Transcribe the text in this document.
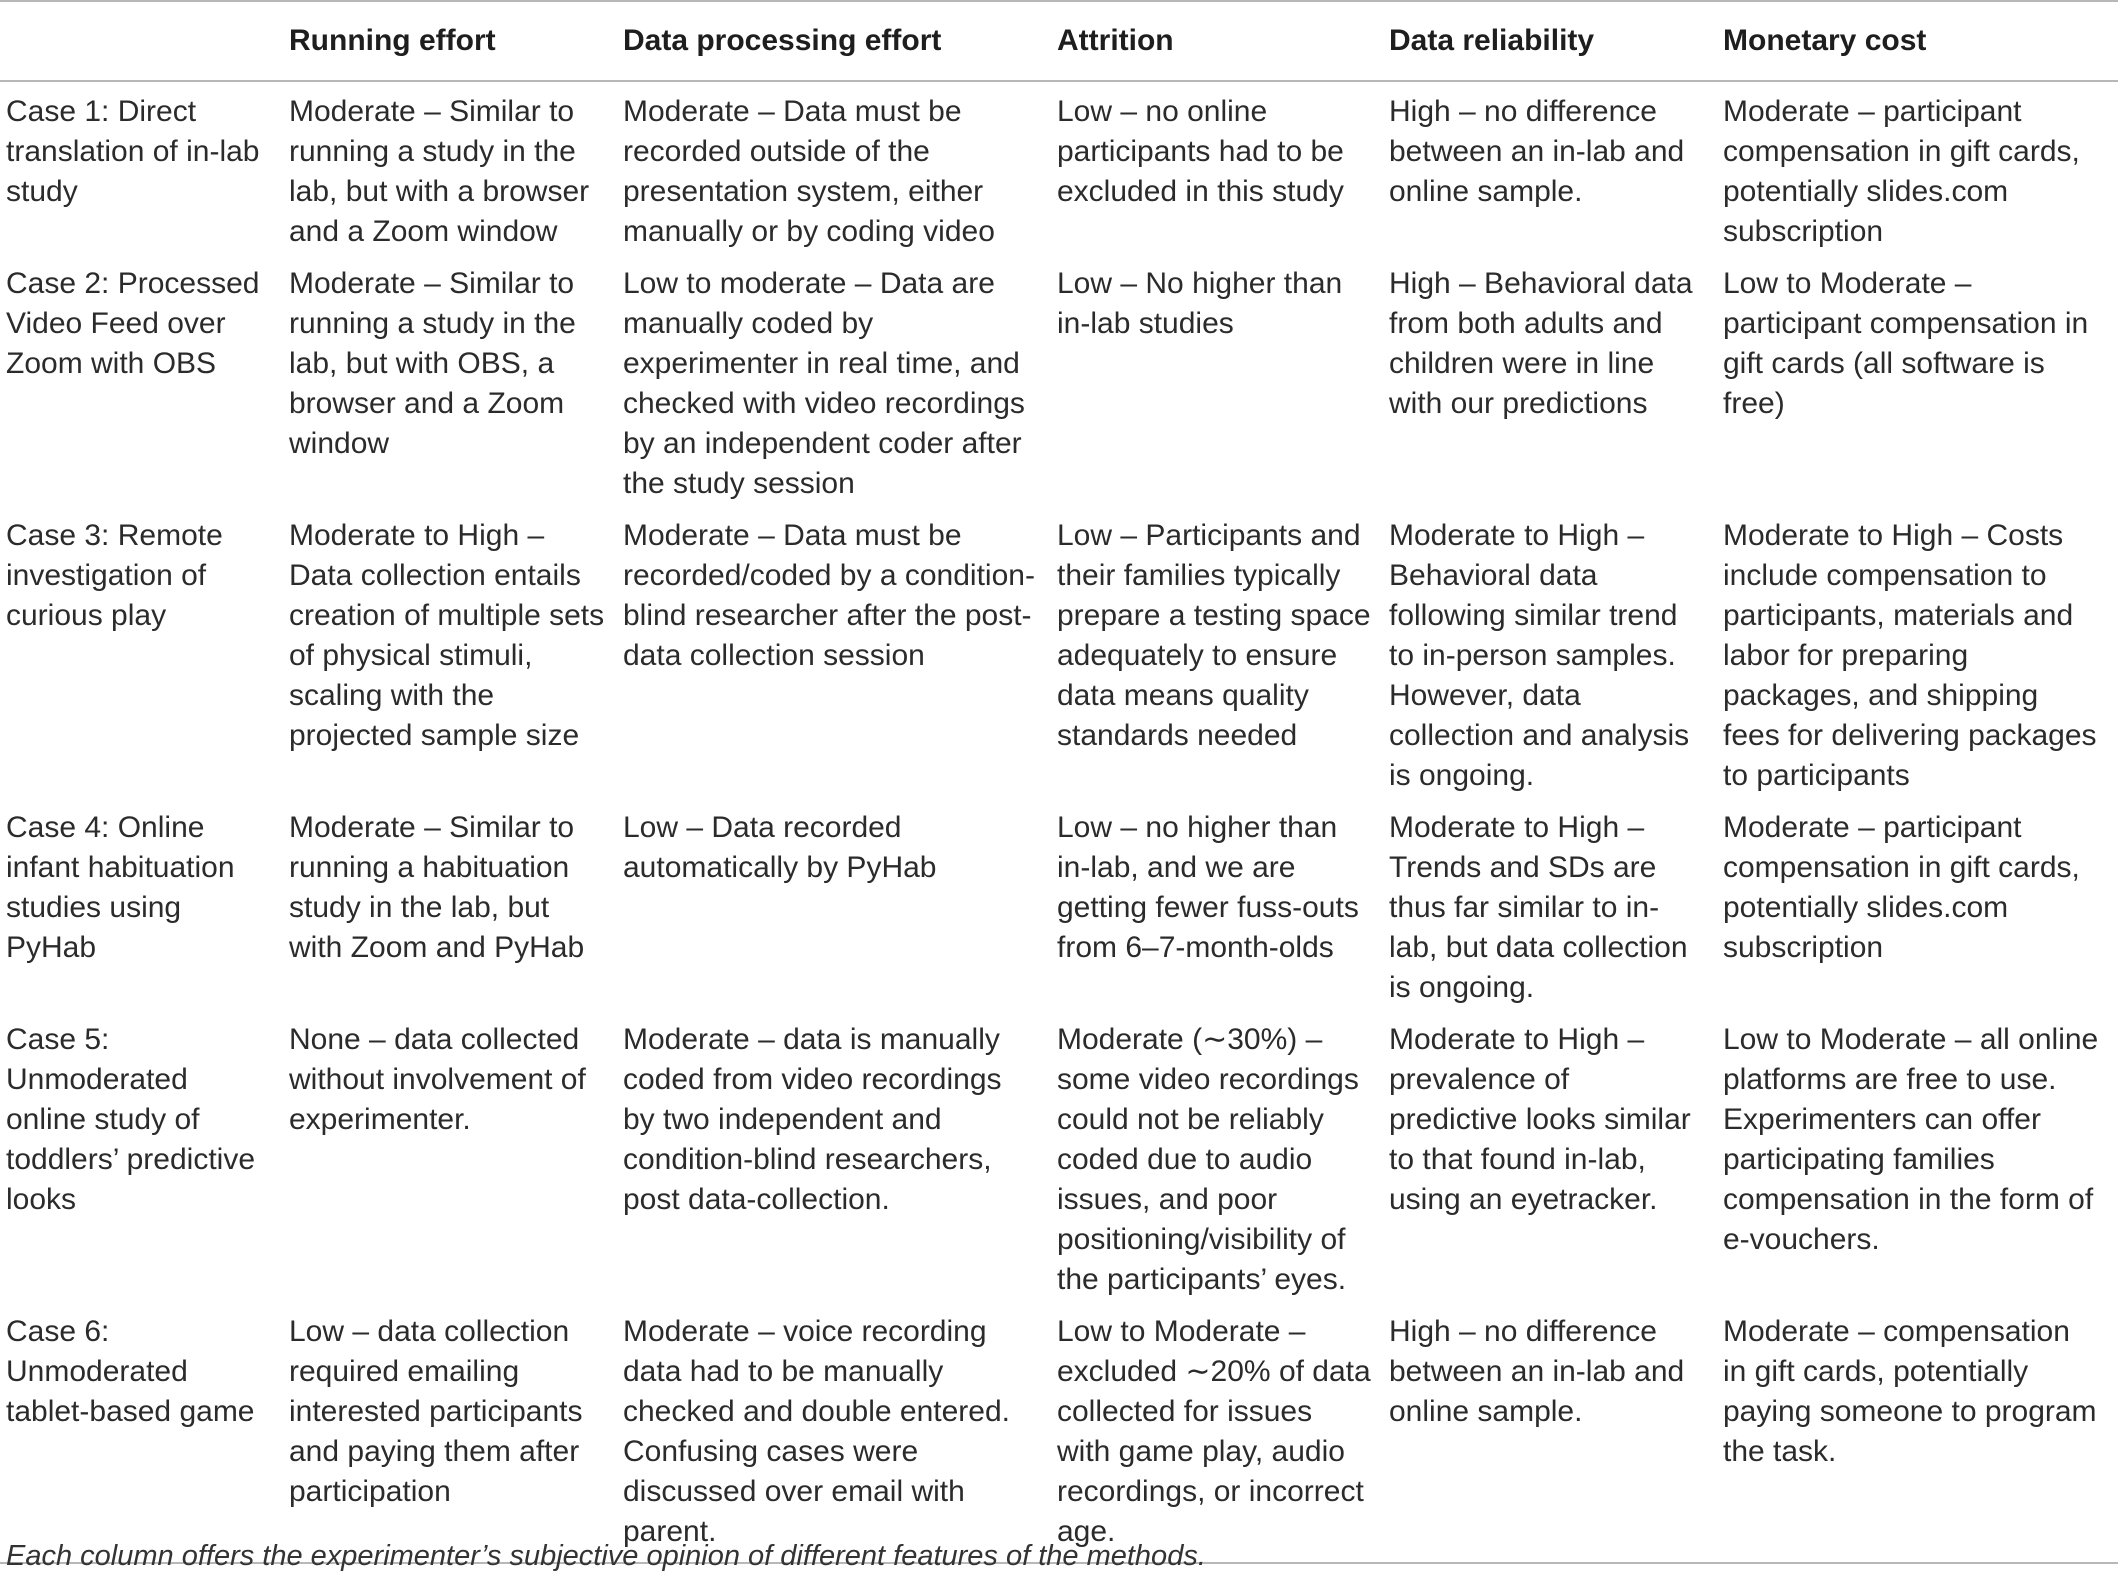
	Running effort	Data processing effort	Attrition	Data reliability	Monetary cost
Case 1: Direct translation of in-lab study	Moderate – Similar to running a study in the lab, but with a browser and a Zoom window	Moderate – Data must be recorded outside of the presentation system, either manually or by coding video	Low – no online participants had to be excluded in this study	High – no difference between an in-lab and online sample.	Moderate – participant compensation in gift cards, potentially slides.com subscription
Case 2: Processed Video Feed over Zoom with OBS	Moderate – Similar to running a study in the lab, but with OBS, a browser and a Zoom window	Low to moderate – Data are manually coded by experimenter in real time, and checked with video recordings by an independent coder after the study session	Low – No higher than in-lab studies	High – Behavioral data from both adults and children were in line with our predictions	Low to Moderate – participant compensation in gift cards (all software is free)
Case 3: Remote investigation of curious play	Moderate to High – Data collection entails creation of multiple sets of physical stimuli, scaling with the projected sample size	Moderate – Data must be recorded/coded by a condition-blind researcher after the post-data collection session	Low – Participants and their families typically prepare a testing space adequately to ensure data means quality standards needed	Moderate to High – Behavioral data following similar trend to in-person samples. However, data collection and analysis is ongoing.	Moderate to High – Costs include compensation to participants, materials and labor for preparing packages, and shipping fees for delivering packages to participants
Case 4: Online infant habituation studies using PyHab	Moderate – Similar to running a habituation study in the lab, but with Zoom and PyHab	Low – Data recorded automatically by PyHab	Low – no higher than in-lab, and we are getting fewer fuss-outs from 6–7-month-olds	Moderate to High – Trends and SDs are thus far similar to in-lab, but data collection is ongoing.	Moderate – participant compensation in gift cards, potentially slides.com subscription
Case 5: Unmoderated online study of toddlers’ predictive looks	None – data collected without involvement of experimenter.	Moderate – data is manually coded from video recordings by two independent and condition-blind researchers, post data-collection.	Moderate (∼30%) – some video recordings could not be reliably coded due to audio issues, and poor positioning/visibility of the participants’ eyes.	Moderate to High – prevalence of predictive looks similar to that found in-lab, using an eyetracker.	Low to Moderate – all online platforms are free to use. Experimenters can offer participating families compensation in the form of e-vouchers.
Case 6: Unmoderated tablet-based game	Low – data collection required emailing interested participants and paying them after participation	Moderate – voice recording data had to be manually checked and double entered. Confusing cases were discussed over email with parent.	Low to Moderate – excluded ∼20% of data collected for issues with game play, audio recordings, or incorrect age.	High – no difference between an in-lab and online sample.	Moderate – compensation in gift cards, potentially paying someone to program the task.
Each column offers the experimenter’s subjective opinion of different features of the methods.
